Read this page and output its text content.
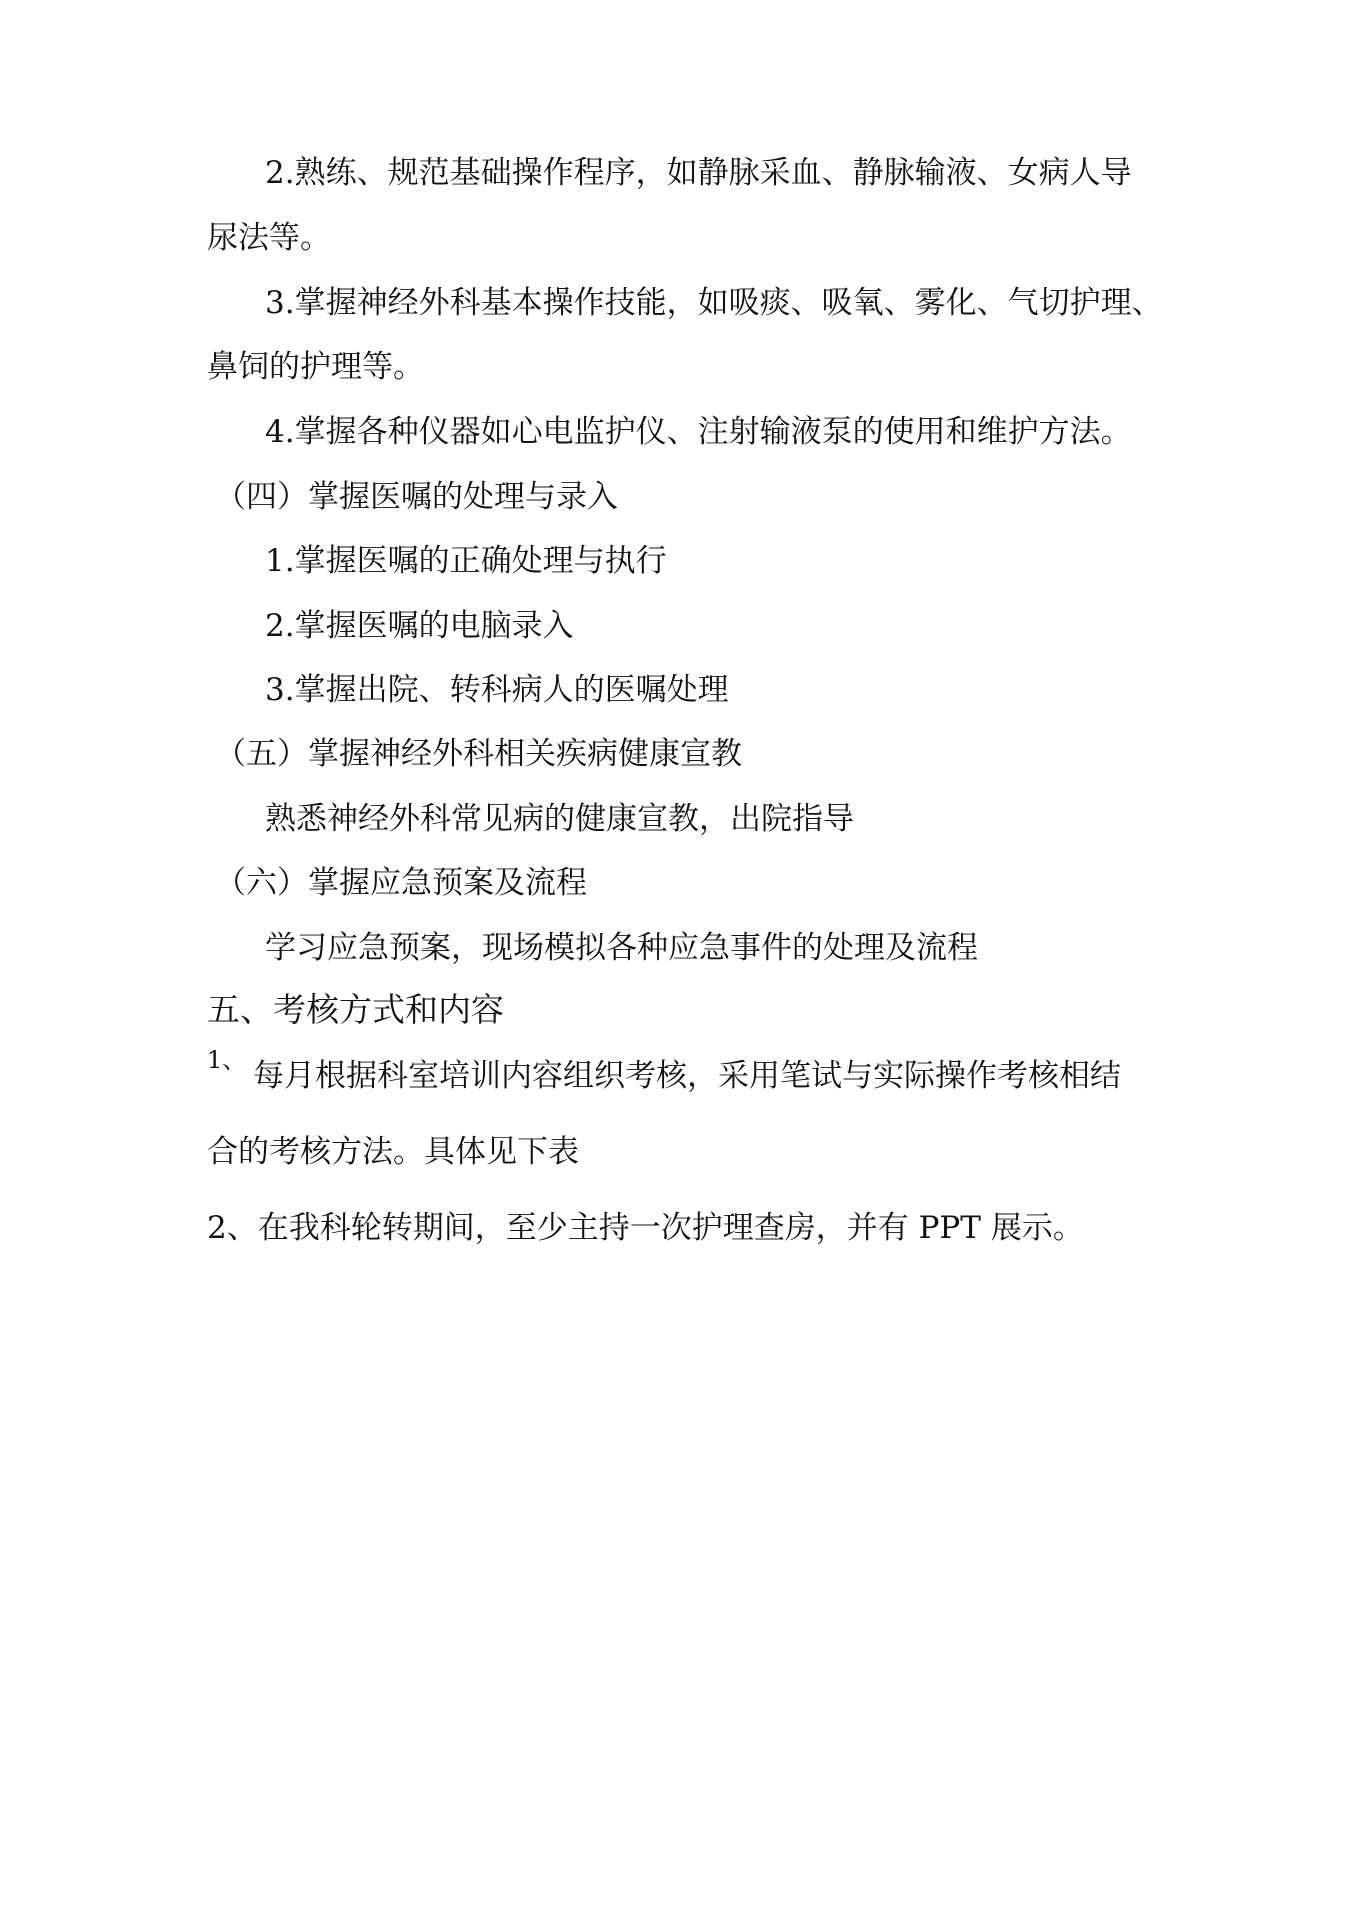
2.熟练、规范基础操作程序，如静脉采血、静脉输液、女病人导

尿法等。

3.掌握神经外科基本操作技能，如吸痰、吸氧、雾化、气切护理、

鼻饲的护理等。

4.掌握各种仪器如心电监护仪、注射输液泵的使用和维护方法。

（四）掌握医嘱的处理与录入

1.掌握医嘱的正确处理与执行

2.掌握医嘱的电脑录入

3.掌握出院、转科病人的医嘱处理

（五）掌握神经外科相关疾病健康宣教

熟悉神经外科常见病的健康宣教，出院指导

（六）掌握应急预案及流程

学习应急预案，现场模拟各种应急事件的处理及流程

五、考核方式和内容
1、 每月根据科室培训内容组织考核，采用笔试与实际操作考核相结

合的考核方法。具体见下表

2、在我科轮转期间，至少主持一次护理查房，并有 PPT 展示。
